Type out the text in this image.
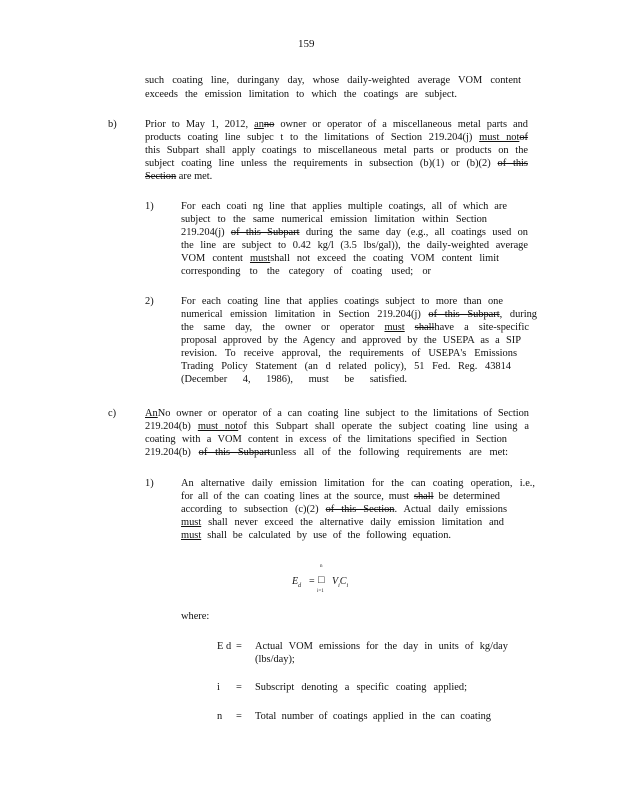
159
such coating line, duringany day, whose daily-weighted average VOM content
exceeds the emission limitation to which the coatings are subject.
b)	Prior to May 1, 2012, anno owner or operator of a miscellaneous metal parts and
products coating line subjec t to the limitations of Section 219.204(j) must notof
this Subpart shall apply coatings to miscellaneous metal parts or products on the
subject coating line unless the requirements in subsection (b)(1) or (b)(2) of this
Section are met.
1)	For each coati ng line that applies multiple coatings, all of which are
subject to the same numerical emission limitation within Section
219.204(j) of this Subpart during the same day (e.g., all coatings used on
the line are subject to 0.42 kg/l (3.5 lbs/gal)), the daily-weighted average
VOM content mustshall not exceed the coating VOM content limit
corresponding to the category of coating used; or
2)	For each coating line that applies coatings subject to more than one
numerical emission limitation in Section 219.204(j) of this Subpart, during
the same day, the owner or operator must shallhave a site-specific
proposal approved by the Agency and approved by the USEPA as a SIP
revision. To receive approval, the requirements of USEPA's Emissions
Trading Policy Statement (an d related policy), 51 Fed. Reg. 43814
(December 4, 1986), must be satisfied.
c)	AnNo owner or operator of a can coating line subject to the limitations of Section
219.204(b) must notof this Subpart shall operate the subject coating line using a
coating with a VOM content in excess of the limitations specified in Section
219.204(b) of this Subpartunless all of the following requirements are met:
1)	An alternative daily emission limitation for the can coating operation, i.e.,
for all of the can coating lines at the source, must shall be determined
according to subsection (c)(2) of this Section. Actual daily emissions
must shall never exceed the alternative daily emission limitation and
must shall be calculated by use of the following equation.
$E_d$ =
n
□
i=1
$V_iC_i$
where:
E d = Actual VOM emissions for the day in units of kg/day
(lbs/day);
i = Subscript denoting a specific coating applied;
n = Total number of coatings applied in the can coating
